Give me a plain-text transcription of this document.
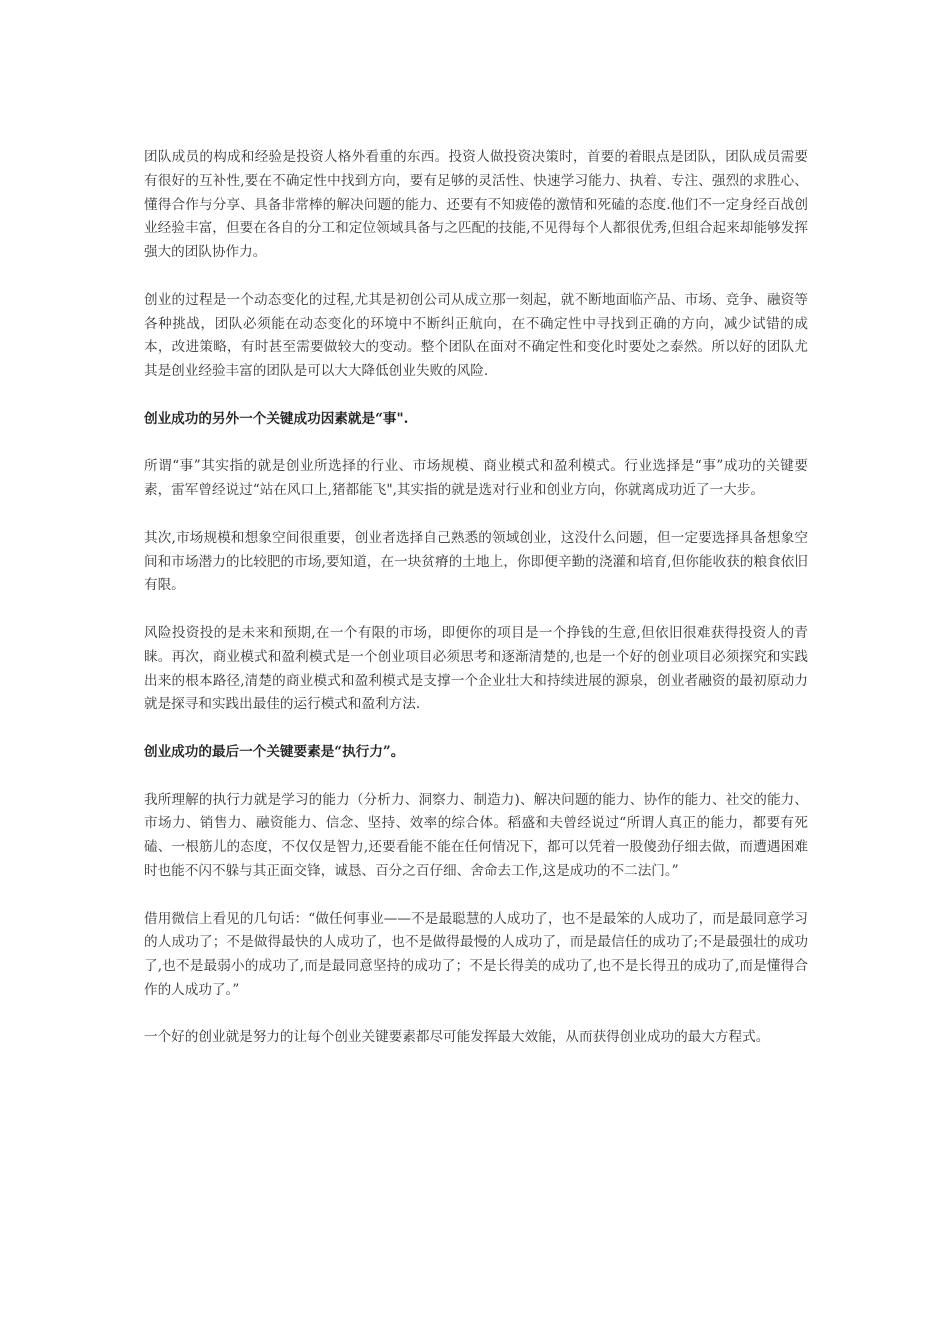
团队成员的构成和经验是投资人格外看重的东西。投资人做投资决策时，首要的着眼点是团队，团队成员需要有很好的互补性,要在不确定性中找到方向，要有足够的灵活性、快速学习能力、执着、专注、强烈的求胜心、懂得合作与分享、具备非常棒的解决问题的能力、还要有不知疲倦的激情和死磕的态度.他们不一定身经百战创业经验丰富，但要在各自的分工和定位领域具备与之匹配的技能,不见得每个人都很优秀,但组合起来却能够发挥强大的团队协作力。

创业的过程是一个动态变化的过程,尤其是初创公司从成立那一刻起，就不断地面临产品、市场、竞争、融资等各种挑战，团队必须能在动态变化的环境中不断纠正航向，在不确定性中寻找到正确的方向，减少试错的成本，改进策略，有时甚至需要做较大的变动。整个团队在面对不确定性和变化时要处之泰然。所以好的团队尤其是创业经验丰富的团队是可以大大降低创业失败的风险.

创业成功的另外一个关键成功因素就是“事".

所谓“事”其实指的就是创业所选择的行业、市场规模、商业模式和盈利模式。行业选择是“事”成功的关键要素，雷军曾经说过“站在风口上,猪都能飞",其实指的就是选对行业和创业方向，你就离成功近了一大步。

其次,市场规模和想象空间很重要，创业者选择自己熟悉的领域创业，这没什么问题，但一定要选择具备想象空间和市场潜力的比较肥的市场,要知道，在一块贫瘠的土地上，你即便辛勤的浇灌和培育,但你能收获的粮食依旧有限。

风险投资投的是未来和预期,在一个有限的市场，即便你的项目是一个挣钱的生意,但依旧很难获得投资人的青睐。再次，商业模式和盈利模式是一个创业项目必须思考和逐渐清楚的,也是一个好的创业项目必须探究和实践出来的根本路径,清楚的商业模式和盈利模式是支撑一个企业壮大和持续进展的源泉，创业者融资的最初原动力就是探寻和实践出最佳的运行模式和盈利方法.

创业成功的最后一个关键要素是“执行力”。

我所理解的执行力就是学习的能力（分析力、洞察力、制造力)、解决问题的能力、协作的能力、社交的能力、市场力、销售力、融资能力、信念、坚持、效率的综合体。稻盛和夫曾经说过“所谓人真正的能力，都要有死磕、一根筋儿的态度，不仅仅是智力,还要看能不能在任何情况下，都可以凭着一股傻劲仔细去做，而遭遇困难时也能不闪不躲与其正面交锋，诚恳、百分之百仔细、舍命去工作,这是成功的不二法门。”

借用微信上看见的几句话：“做任何事业——不是最聪慧的人成功了，也不是最笨的人成功了，而是最同意学习的人成功了；不是做得最快的人成功了，也不是做得最慢的人成功了，而是最信任的成功了;不是最强壮的成功了,也不是最弱小的成功了,而是最同意坚持的成功了；不是长得美的成功了,也不是长得丑的成功了,而是懂得合作的人成功了。”

一个好的创业就是努力的让每个创业关键要素都尽可能发挥最大效能，从而获得创业成功的最大方程式。
